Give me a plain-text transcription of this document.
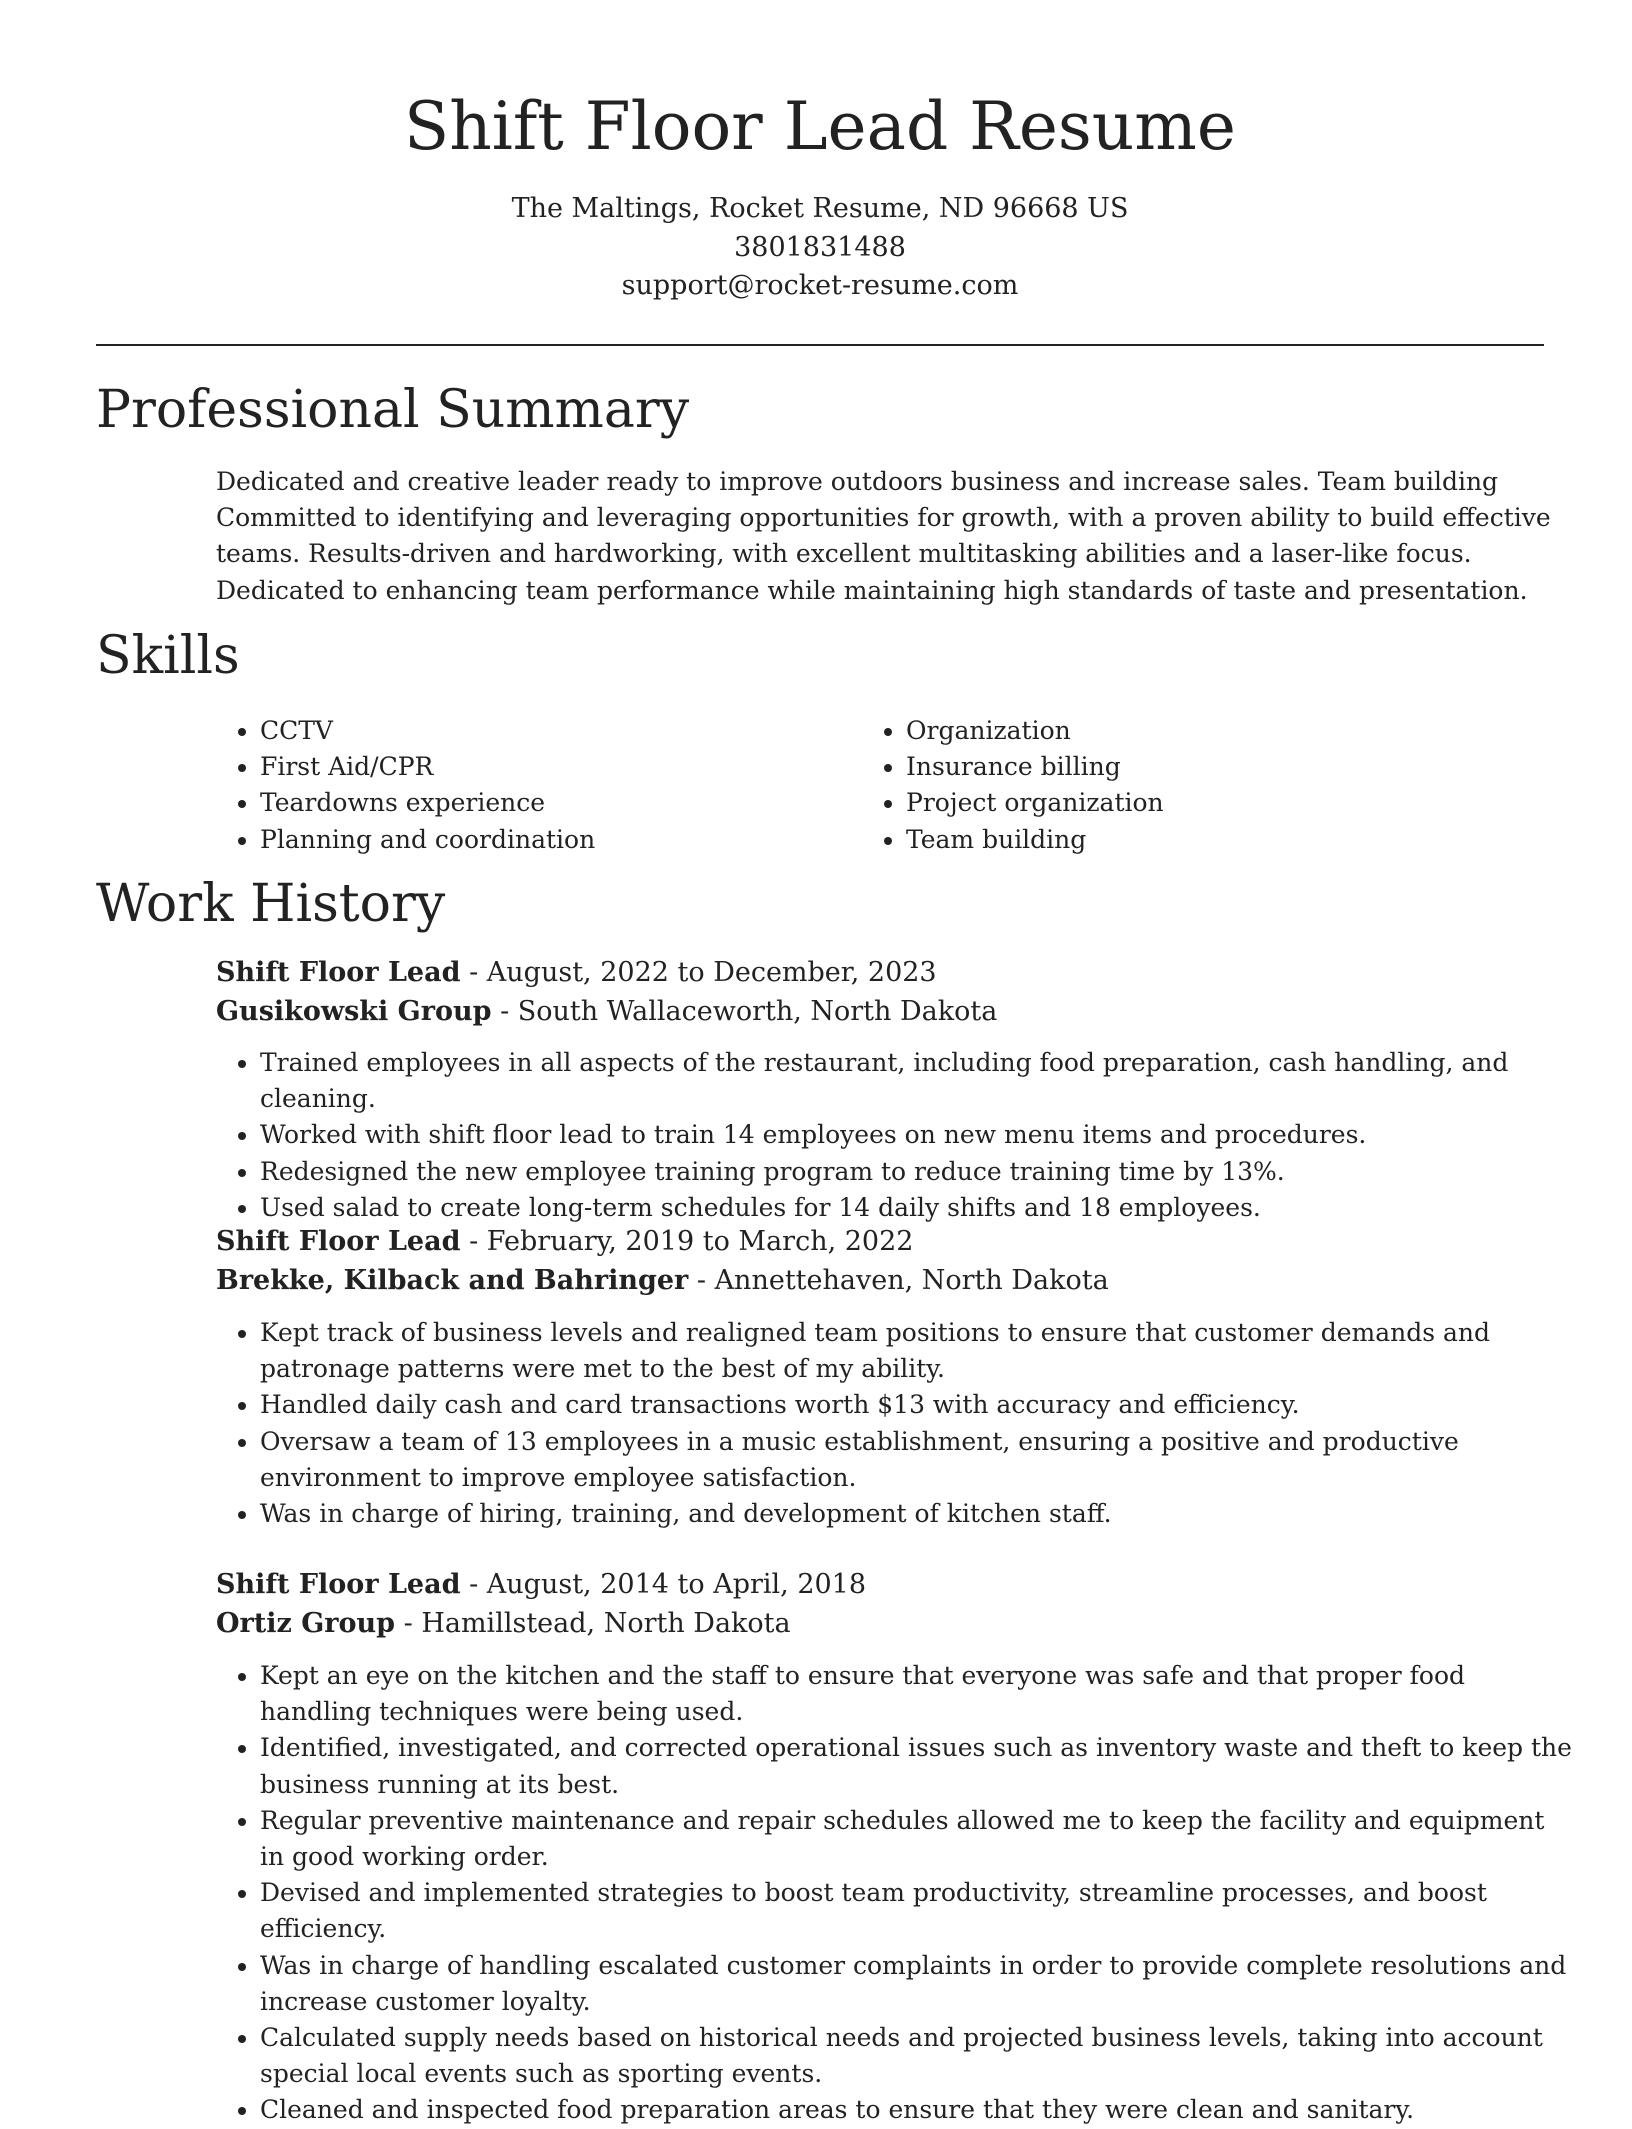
Shift Floor Lead Resume
The Maltings, Rocket Resume, ND 96668 US
3801831488
support@rocket-resume.com
Professional Summary

Dedicated and creative leader ready to improve outdoors business and increase sales. Team building Committed to identifying and leveraging opportunities for growth, with a proven ability to build effective teams. Results-driven and hardworking, with excellent multitasking abilities and a laser-like focus. Dedicated to enhancing team performance while maintaining high standards of taste and presentation.

Skills
• CCTV
• First Aid/CPR
• Teardowns experience
• Planning and coordination
• Organization
• Insurance billing
• Project organization
• Team building
Work History
Shift Floor Lead - August, 2022 to December, 2023
Gusikowski Group - South Wallaceworth, North Dakota
• Trained employees in all aspects of the restaurant, including food preparation, cash handling, and cleaning.
• Worked with shift floor lead to train 14 employees on new menu items and procedures.
• Redesigned the new employee training program to reduce training time by 13%.
• Used salad to create long-term schedules for 14 daily shifts and 18 employees.
Shift Floor Lead - February, 2019 to March, 2022
Brekke, Kilback and Bahringer - Annettehaven, North Dakota
• Kept track of business levels and realigned team positions to ensure that customer demands and patronage patterns were met to the best of my ability.
• Handled daily cash and card transactions worth $13 with accuracy and efficiency.
• Oversaw a team of 13 employees in a music establishment, ensuring a positive and productive environment to improve employee satisfaction.
• Was in charge of hiring, training, and development of kitchen staff.
Shift Floor Lead - August, 2014 to April, 2018
Ortiz Group - Hamillstead, North Dakota
• Kept an eye on the kitchen and the staff to ensure that everyone was safe and that proper food handling techniques were being used.
• Identified, investigated, and corrected operational issues such as inventory waste and theft to keep the business running at its best.
• Regular preventive maintenance and repair schedules allowed me to keep the facility and equipment in good working order.
• Devised and implemented strategies to boost team productivity, streamline processes, and boost efficiency.
• Was in charge of handling escalated customer complaints in order to provide complete resolutions and increase customer loyalty.
• Calculated supply needs based on historical needs and projected business levels, taking into account special local events such as sporting events.
• Cleaned and inspected food preparation areas to ensure that they were clean and sanitary.
